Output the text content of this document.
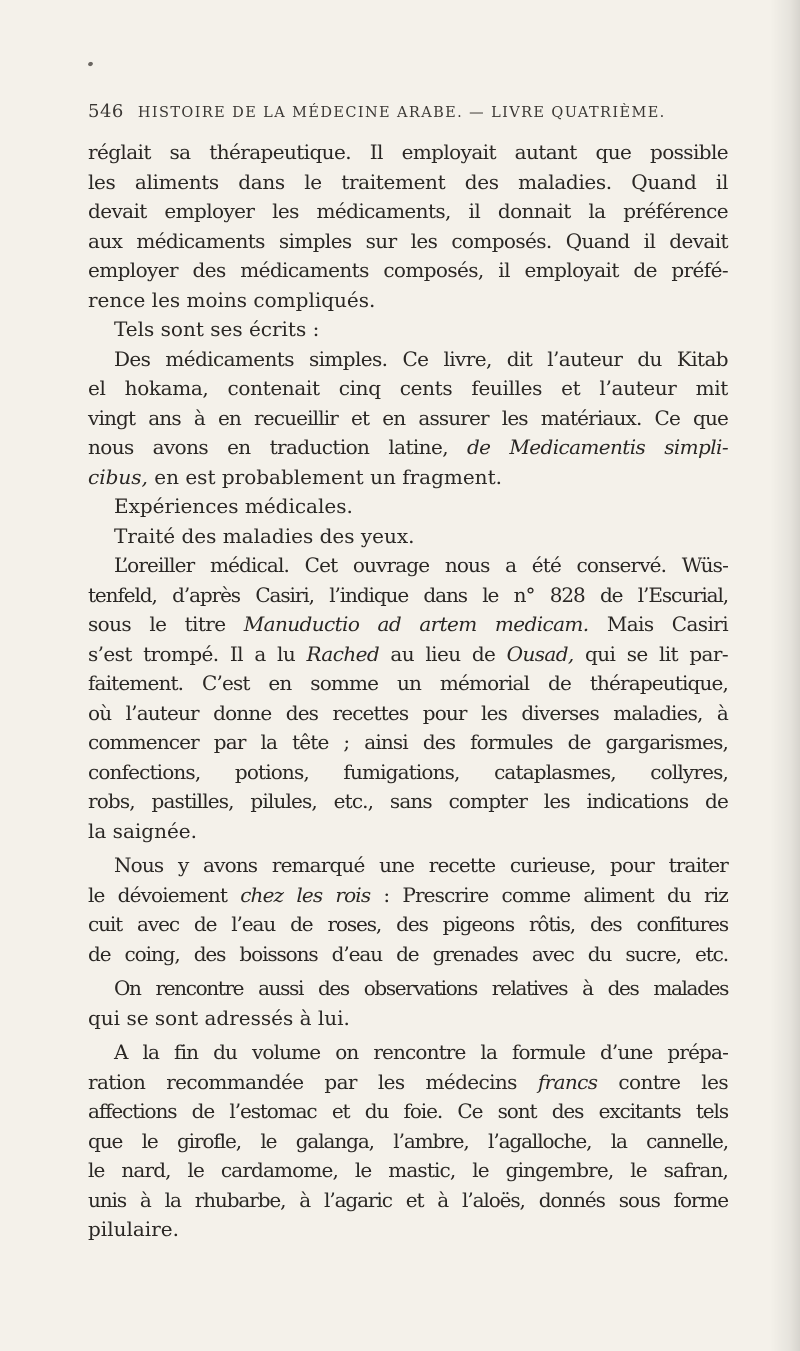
546 HISTOIRE DE LA MÉDECINE ARABE. — LIVRE QUATRIÈME.
réglait sa thérapeutique. Il employait autant que possible
les aliments dans le traitement des maladies. Quand il
devait employer les médicaments, il donnait la préférence
aux médicaments simples sur les composés. Quand il devait
employer des médicaments composés, il employait de préfé-
rence les moins compliqués.
Tels sont ses écrits :
Des médicaments simples. Ce livre, dit l’auteur du Kitab
el hokama, contenait cinq cents feuilles et l’auteur mit
vingt ans à en recueillir et en assurer les matériaux. Ce que
nous avons en traduction latine, de Medicamentis simpli-
cibus, en est probablement un fragment.
Expériences médicales.
Traité des maladies des yeux.
L’oreiller médical. Cet ouvrage nous a été conservé. Wüs-
tenfeld, d’après Casiri, l’indique dans le n° 828 de l’Escurial,
sous le titre Manuductio ad artem medicam. Mais Casiri
s’est trompé. Il a lu Rached au lieu de Ousad, qui se lit par-
faitement. C’est en somme un mémorial de thérapeutique,
où l’auteur donne des recettes pour les diverses maladies, à
commencer par la tête ; ainsi des formules de gargarismes,
confections, potions, fumigations, cataplasmes, collyres,
robs, pastilles, pilules, etc., sans compter les indications de
la saignée.
Nous y avons remarqué une recette curieuse, pour traiter
le dévoiement chez les rois : Prescrire comme aliment du riz
cuit avec de l’eau de roses, des pigeons rôtis, des confitures
de coing, des boissons d’eau de grenades avec du sucre, etc.
On rencontre aussi des observations relatives à des malades
qui se sont adressés à lui.
A la fin du volume on rencontre la formule d’une prépa-
ration recommandée par les médecins francs contre les
affections de l’estomac et du foie. Ce sont des excitants tels
que le girofle, le galanga, l’ambre, l’agalloche, la cannelle,
le nard, le cardamome, le mastic, le gingembre, le safran,
unis à la rhubarbe, à l’agaric et à l’aloës, donnés sous forme
pilulaire.
